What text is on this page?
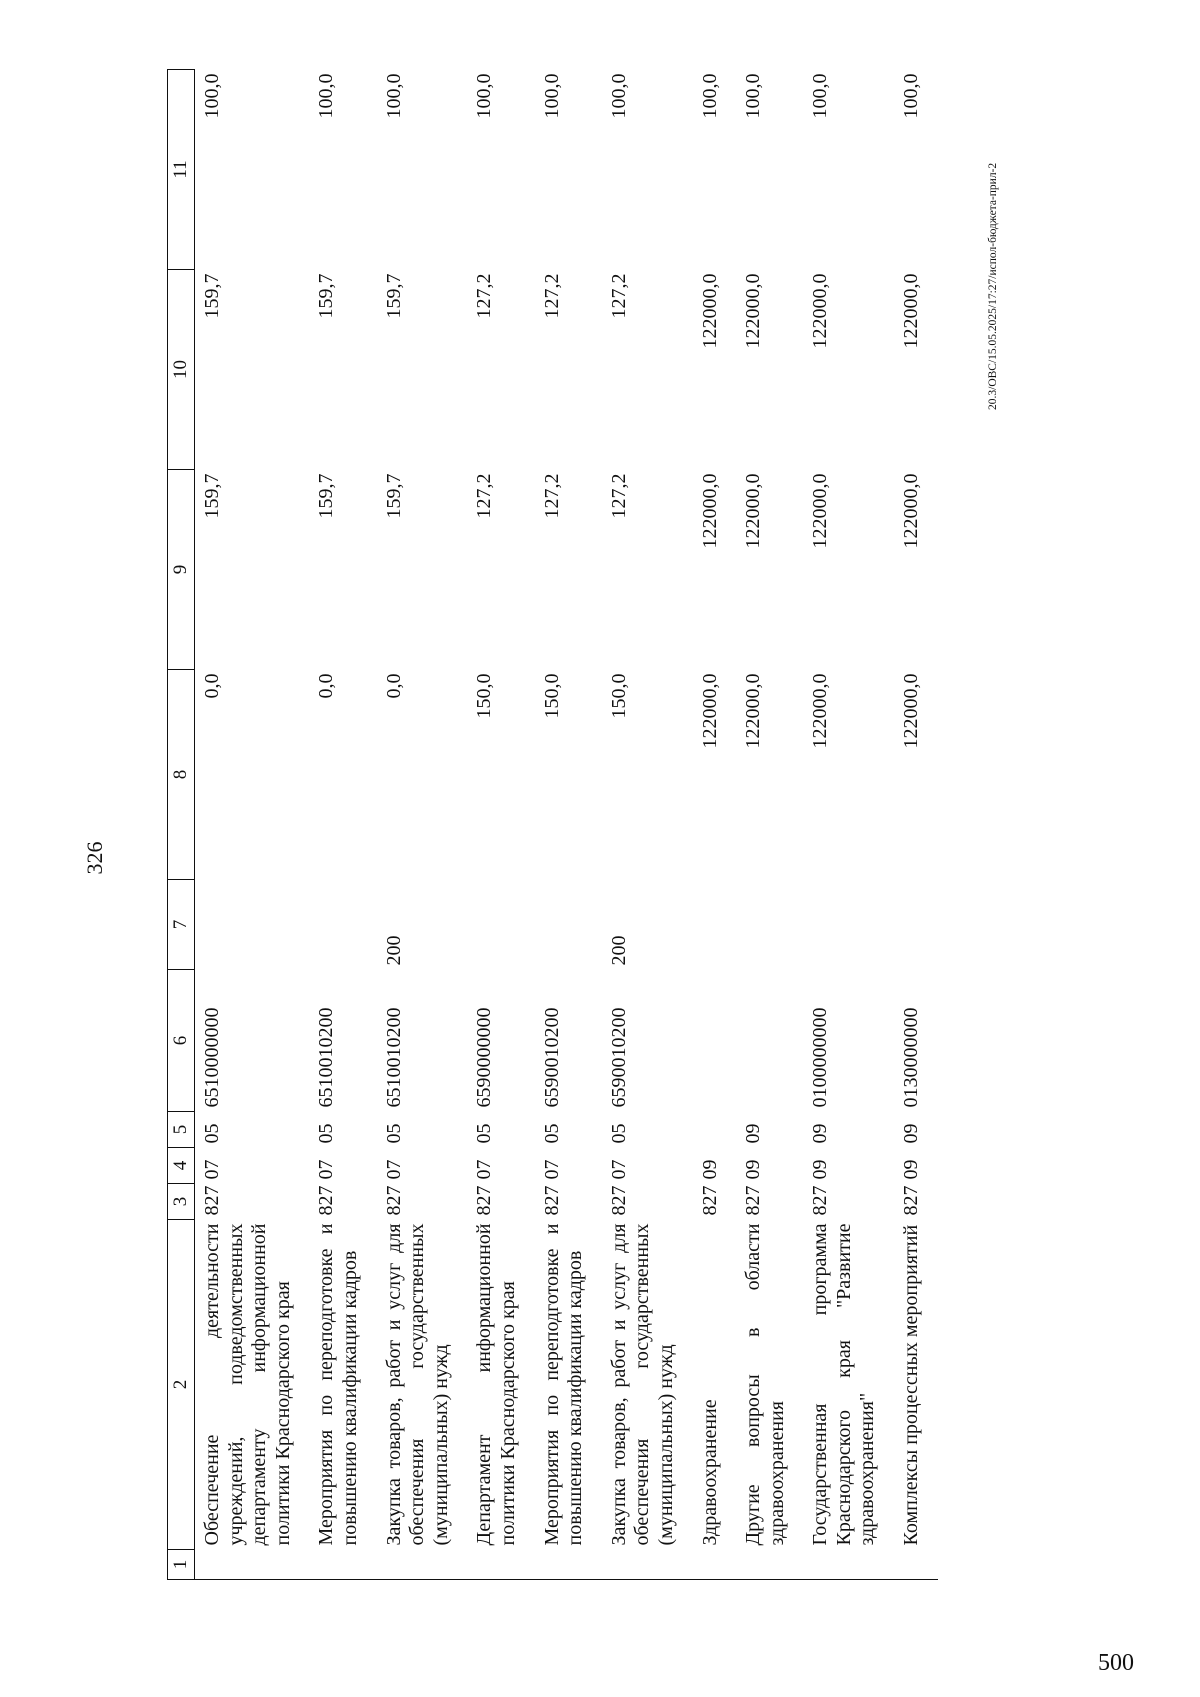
326
1	2	3	4	5	6	7	8	9	10	11
	Обеспечение деятельности учреждений, подведомственных департаменту информационной политики Краснодарского края	827	07	05	6510000000		0,0	159,7	159,7	100,0
	Мероприятия по переподготовке и повышению квалификации кадров	827	07	05	6510010200		0,0	159,7	159,7	100,0
	Закупка товаров, работ и услуг для обеспечения государственных (муниципальных) нужд	827	07	05	6510010200	200	0,0	159,7	159,7	100,0
	Департамент информационной политики Краснодарского края	827	07	05	6590000000		150,0	127,2	127,2	100,0
	Мероприятия по переподготовке и повышению квалификации кадров	827	07	05	6590010200		150,0	127,2	127,2	100,0
	Закупка товаров, работ и услуг для обеспечения государственных (муниципальных) нужд	827	07	05	6590010200	200	150,0	127,2	127,2	100,0
	Здравоохранение	827	09				122000,0	122000,0	122000,0	100,0
	Другие вопросы в области здравоохранения	827	09	09			122000,0	122000,0	122000,0	100,0
	Государственная программа Краснодарского края "Развитие здравоохранения"	827	09	09	0100000000		122000,0	122000,0	122000,0	100,0
	Комплексы процессных мероприятий	827	09	09	0130000000		122000,0	122000,0	122000,0	100,0
20.3/ОВС/15.05.2025/17:27/испол-бюджета-прил-2
500
